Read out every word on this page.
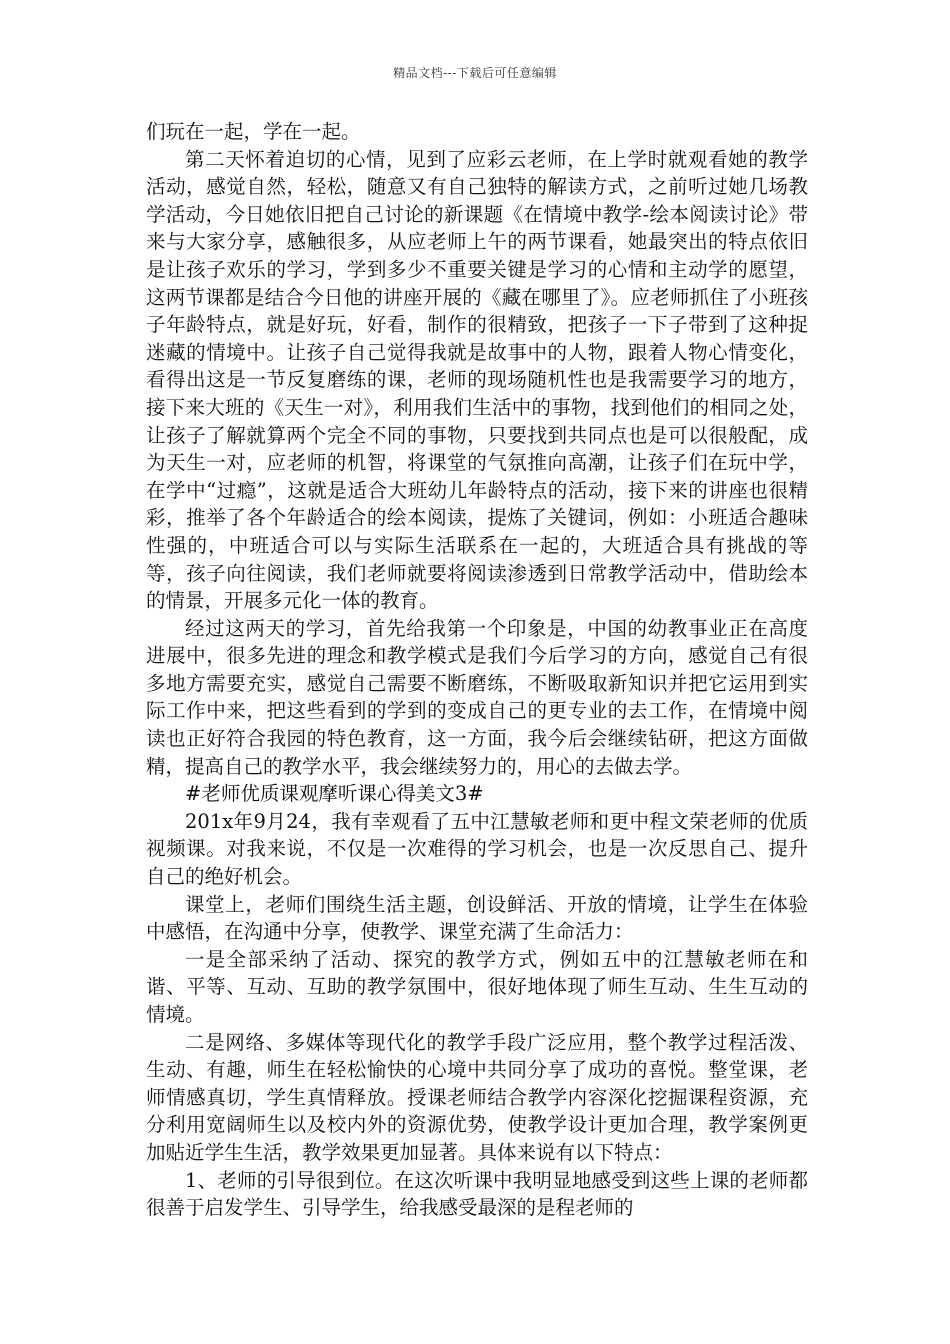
精品文档---下载后可任意编辑

们玩在一起，学在一起。

第二天怀着迫切的心情，见到了应彩云老师，在上学时就观看她的教学活动，感觉自然，轻松，随意又有自己独特的解读方式，之前听过她几场教学活动，今日她依旧把自己讨论的新课题《在情境中教学-绘本阅读讨论》带来与大家分享，感触很多，从应老师上午的两节课看，她最突出的特点依旧是让孩子欢乐的学习，学到多少不重要关键是学习的心情和主动学的愿望，这两节课都是结合今日他的讲座开展的《藏在哪里了》。应老师抓住了小班孩子年龄特点，就是好玩，好看，制作的很精致，把孩子一下子带到了这种捉迷藏的情境中。让孩子自己觉得我就是故事中的人物，跟着人物心情变化，看得出这是一节反复磨练的课，老师的现场随机性也是我需要学习的地方，接下来大班的《天生一对》，利用我们生活中的事物，找到他们的相同之处，让孩子了解就算两个完全不同的事物，只要找到共同点也是可以很般配，成为天生一对，应老师的机智，将课堂的气氛推向高潮，让孩子们在玩中学，在学中“过瘾”，这就是适合大班幼儿年龄特点的活动，接下来的讲座也很精彩，推举了各个年龄适合的绘本阅读，提炼了关键词，例如：小班适合趣味性强的，中班适合可以与实际生活联系在一起的，大班适合具有挑战的等等，孩子向往阅读，我们老师就要将阅读渗透到日常教学活动中，借助绘本的情景，开展多元化一体的教育。

经过这两天的学习，首先给我第一个印象是，中国的幼教事业正在高度进展中，很多先进的理念和教学模式是我们今后学习的方向，感觉自己有很多地方需要充实，感觉自己需要不断磨练，不断吸取新知识并把它运用到实际工作中来，把这些看到的学到的变成自己的更专业的去工作，在情境中阅读也正好符合我园的特色教育，这一方面，我今后会继续钻研，把这方面做精，提高自己的教学水平，我会继续努力的，用心的去做去学。

#老师优质课观摩听课心得美文3#

201x年9月24，我有幸观看了五中江慧敏老师和更中程文荣老师的优质视频课。对我来说，不仅是一次难得的学习机会，也是一次反思自己、提升自己的绝好机会。

课堂上，老师们围绕生活主题，创设鲜活、开放的情境，让学生在体验中感悟，在沟通中分享，使教学、课堂充满了生命活力：

一是全部采纳了活动、探究的教学方式，例如五中的江慧敏老师在和谐、平等、互动、互助的教学氛围中，很好地体现了师生互动、生生互动的情境。

二是网络、多媒体等现代化的教学手段广泛应用，整个教学过程活泼、生动、有趣，师生在轻松愉快的心境中共同分享了成功的喜悦。整堂课，老师情感真切，学生真情释放。授课老师结合教学内容深化挖掘课程资源，充分利用宽阔师生以及校内外的资源优势，使教学设计更加合理，教学案例更加贴近学生生活，教学效果更加显著。具体来说有以下特点：

1、老师的引导很到位。在这次听课中我明显地感受到这些上课的老师都很善于启发学生、引导学生，给我感受最深的是程老师的
